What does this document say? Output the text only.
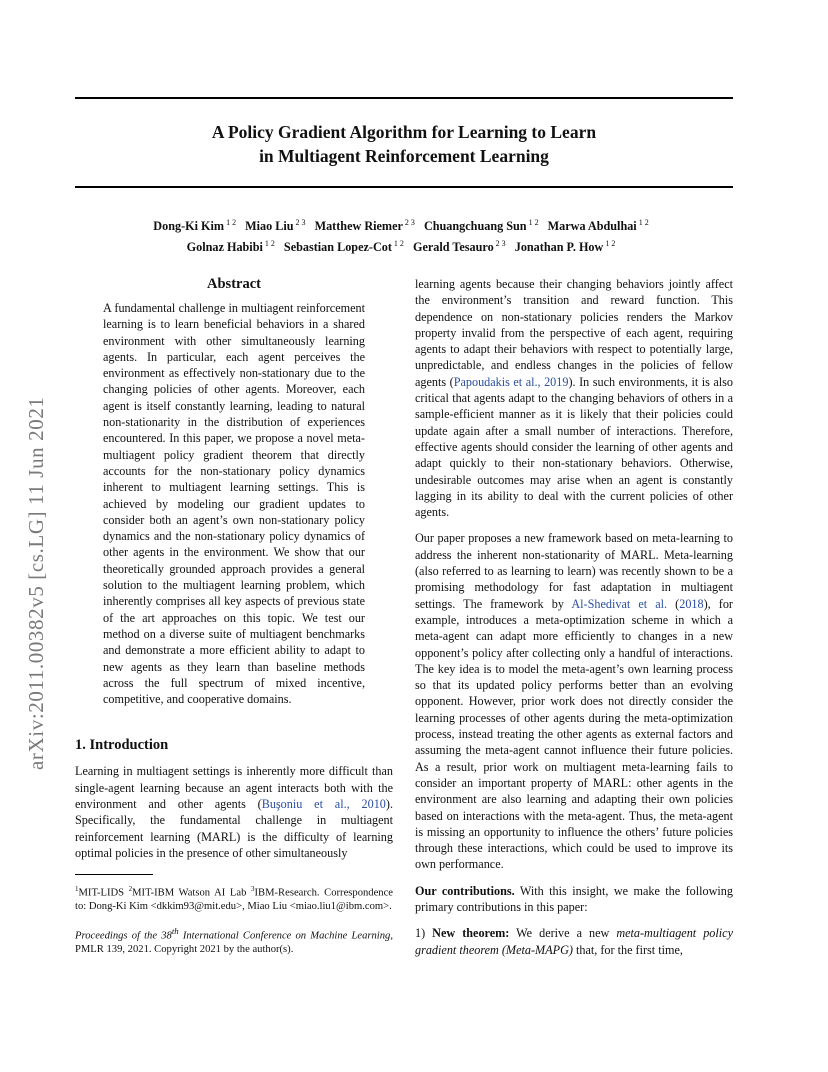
A Policy Gradient Algorithm for Learning to Learn
in Multiagent Reinforcement Learning
Dong-Ki Kim $^{1 2}$ Miao Liu $^{2 3}$ Matthew Riemer $^{2 3}$ Chuangchuang Sun $^{1 2}$ Marwa Abdulhai $^{1 2}$
Golnaz Habibi $^{1 2}$ Sebastian Lopez-Cot $^{1 2}$ Gerald Tesauro $^{2 3}$ Jonathan P. How $^{1 2}$
arXiv:2011.00382v5 [cs.LG] 11 Jun 2021
Abstract
A fundamental challenge in multiagent reinforcement learning is to learn beneficial behaviors in a shared environment with other simultaneously learning agents. In particular, each agent perceives the environment as effectively non-stationary due to the changing policies of other agents. Moreover, each agent is itself constantly learning, leading to natural non-stationarity in the distribution of experiences encountered. In this paper, we propose a novel meta-multiagent policy gradient theorem that directly accounts for the non-stationary policy dynamics inherent to multiagent learning settings. This is achieved by modeling our gradient updates to consider both an agent’s own non-stationary policy dynamics and the non-stationary policy dynamics of other agents in the environment. We show that our theoretically grounded approach provides a general solution to the multiagent learning problem, which inherently comprises all key aspects of previous state of the art approaches on this topic. We test our method on a diverse suite of multiagent benchmarks and demonstrate a more efficient ability to adapt to new agents as they learn than baseline methods across the full spectrum of mixed incentive, competitive, and cooperative domains.
1. Introduction

Learning in multiagent settings is inherently more difficult than single-agent learning because an agent interacts both with the environment and other agents (Buşoniu et al., 2010). Specifically, the fundamental challenge in multiagent reinforcement learning (MARL) is the difficulty of learning optimal policies in the presence of other simultaneously

$^1$MIT-LIDS $^2$MIT-IBM Watson AI Lab $^3$IBM-Research. Correspondence to: Dong-Ki Kim <dkkim93@mit.edu>, Miao Liu <miao.liu1@ibm.com>.

Proceedings of the 38th International Conference on Machine Learning, PMLR 139, 2021. Copyright 2021 by the author(s).

learning agents because their changing behaviors jointly affect the environment’s transition and reward function. This dependence on non-stationary policies renders the Markov property invalid from the perspective of each agent, requiring agents to adapt their behaviors with respect to potentially large, unpredictable, and endless changes in the policies of fellow agents (Papoudakis et al., 2019). In such environments, it is also critical that agents adapt to the changing behaviors of others in a sample-efficient manner as it is likely that their policies could update again after a small number of interactions. Therefore, effective agents should consider the learning of other agents and adapt quickly to their non-stationary behaviors. Otherwise, undesirable outcomes may arise when an agent is constantly lagging in its ability to deal with the current policies of other agents.

Our paper proposes a new framework based on meta-learning to address the inherent non-stationarity of MARL. Meta-learning (also referred to as learning to learn) was recently shown to be a promising methodology for fast adaptation in multiagent settings. The framework by Al-Shedivat et al. (2018), for example, introduces a meta-optimization scheme in which a meta-agent can adapt more efficiently to changes in a new opponent’s policy after collecting only a handful of interactions. The key idea is to model the meta-agent’s own learning process so that its updated policy performs better than an evolving opponent. However, prior work does not directly consider the learning processes of other agents during the meta-optimization process, instead treating the other agents as external factors and assuming the meta-agent cannot influence their future policies. As a result, prior work on multiagent meta-learning fails to consider an important property of MARL: other agents in the environment are also learning and adapting their own policies based on interactions with the meta-agent. Thus, the meta-agent is missing an opportunity to influence the others’ future policies through these interactions, which could be used to improve its own performance.

Our contributions. With this insight, we make the following primary contributions in this paper:

1) New theorem: We derive a new meta-multiagent policy gradient theorem (Meta-MAPG) that, for the first time,
